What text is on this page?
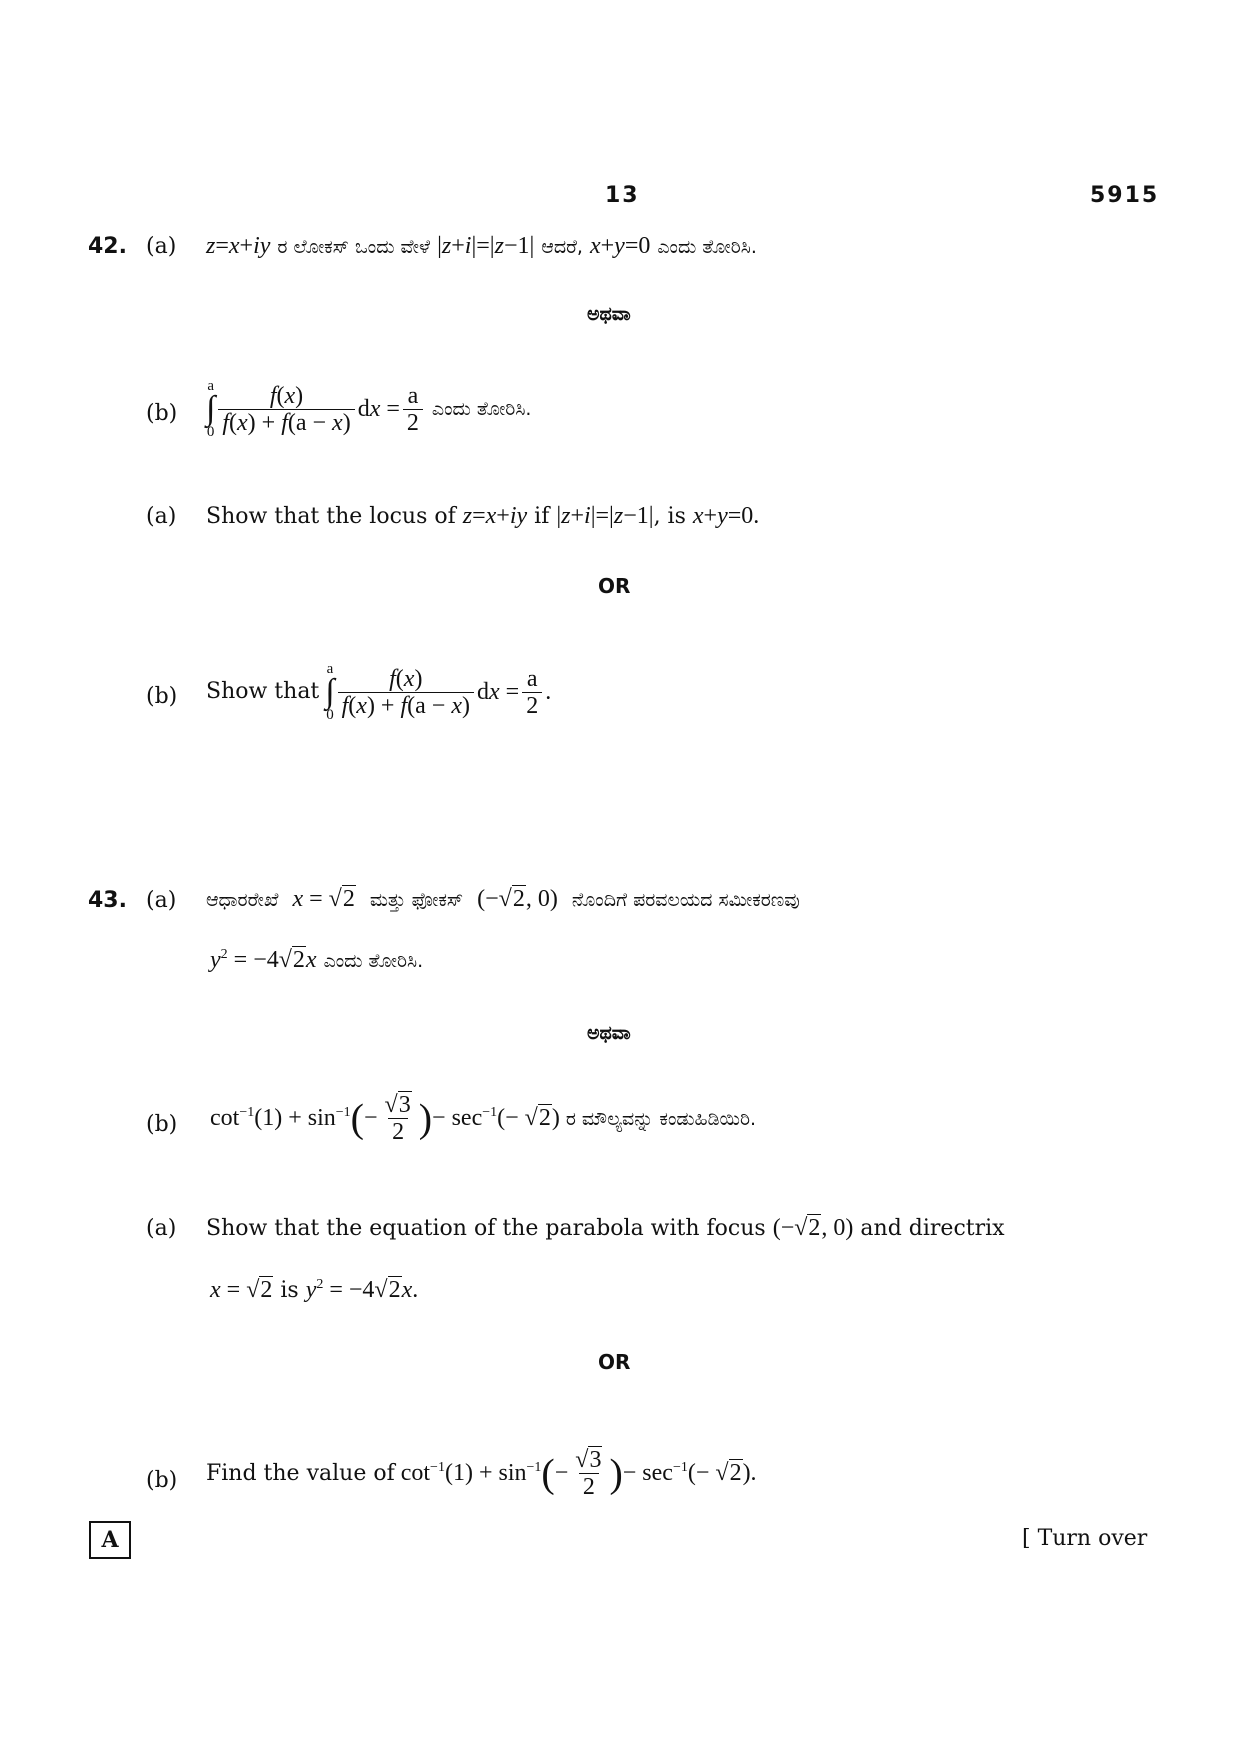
13	5915
42. (a) z=x+iy ರ ಲೋಕಸ್ ಒಂದು ವೇಳೆ |z+i|=|z−1| ಆದರೆ, x+y=0 ಎಂದು ತೋರಿಸಿ.
ಅಥವಾ
(b)
a
∫
$0 \frac{f(x)}{f(x) + f(a - x)}$ dx = $\frac{a}{2}$ ಎಂದು ತೋರಿಸಿ.
(a) Show that the locus of z=x+iy if |z+i|=|z−1|, is x+y=0.
OR
(b) Show that
a
∫
$0 \frac{f(x)}{f(x) + f(a - x)}$ dx = $\frac{a}{2}$ .
43. (a) ಆಧಾರರೇಖೆ x = √2 ಮತ್ತು ಫೋಕಸ್ (−√2, 0) ನೊಂದಿಗೆ ಪರವಲಯದ ಸಮೀಕರಣವು
$y^2 = -4√2x$ ಎಂದು ತೋರಿಸಿ.
ಅಥವಾ
(b) $\cot^{-1}(1) + \sin^{-1}(- \frac{√3}{2}$ )− $\sec^{-1}(- √2)$ ರ ಮೌಲ್ಯವನ್ನು ಕಂಡುಹಿಡಿಯಿರಿ.
(a) Show that the equation of the parabola with focus (−√2, 0) and directrix
x = √2 is $y^2 = -4√2x$.
OR
(b) Find the value of $\cot^{-1}(1) + \sin^{-1}(- \frac{√3}{2}$ )− $\sec^{-1}(- √2)$.
A	[ Turn over
